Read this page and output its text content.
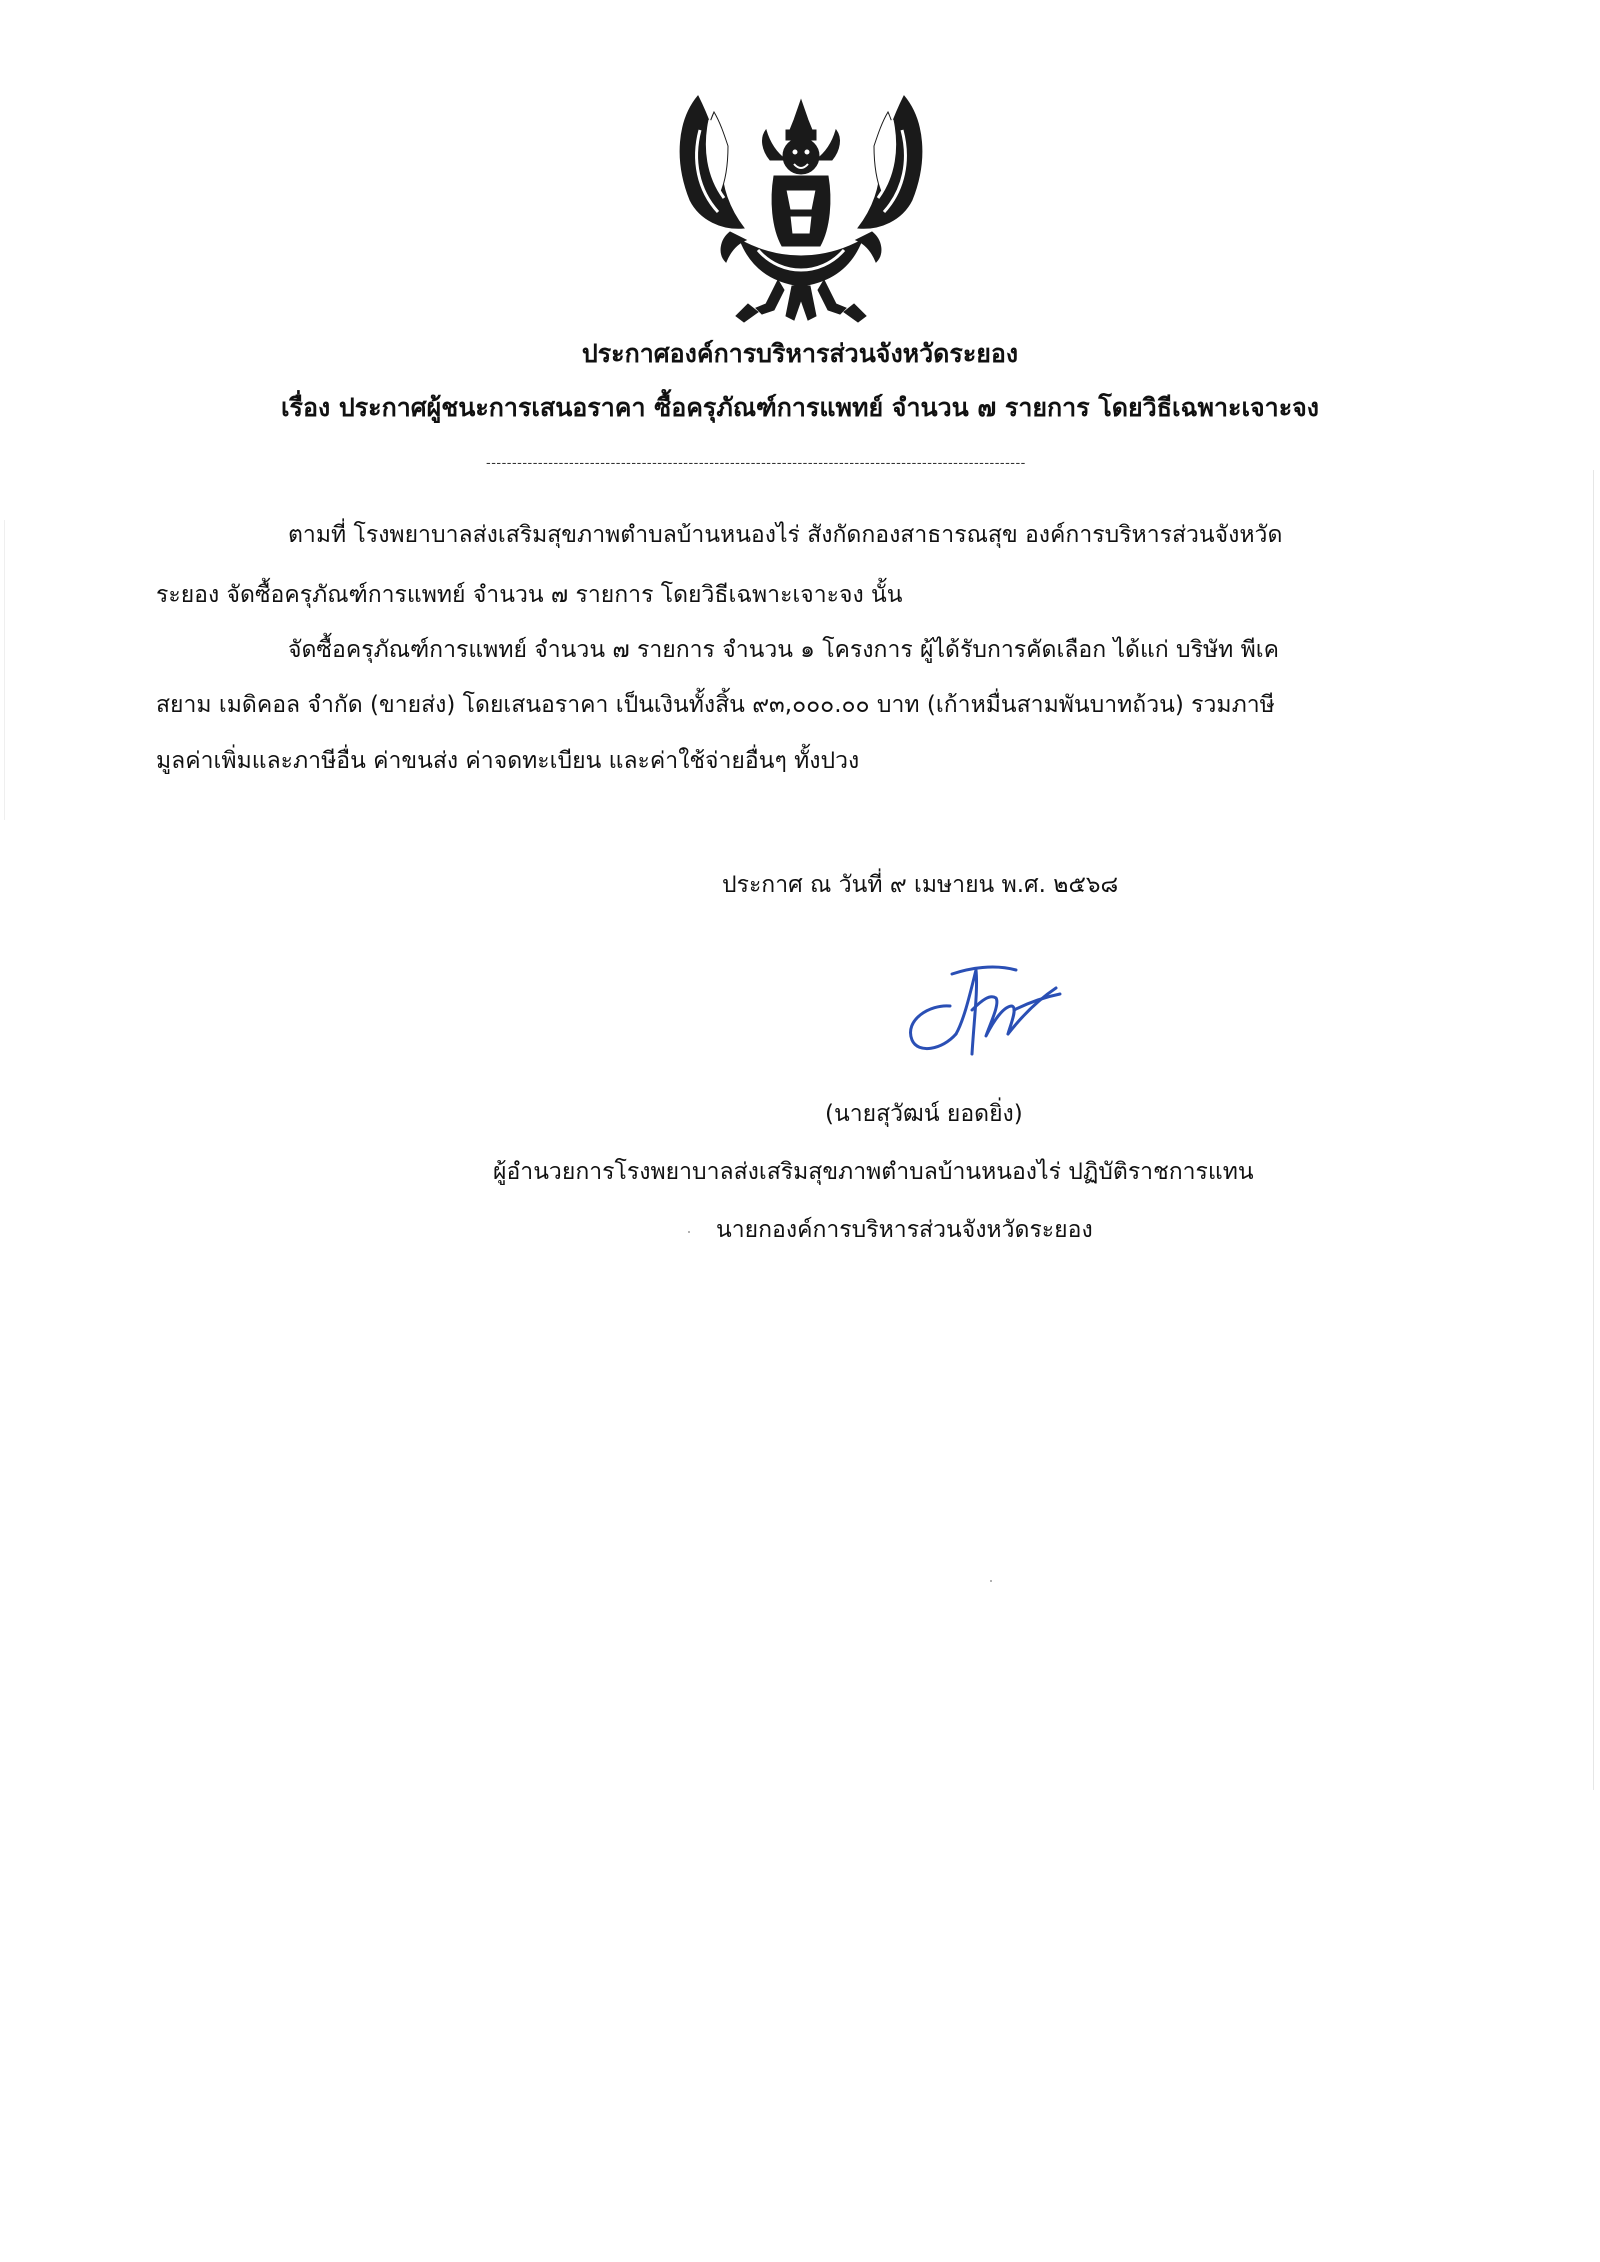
ประกาศองค์การบริหารส่วนจังหวัดระยอง
เรื่อง ประกาศผู้ชนะการเสนอราคา ซื้อครุภัณฑ์การแพทย์ จำนวน ๗ รายการ โดยวิธีเฉพาะเจาะจง
--------------------------------------------------------------------------------------------------------
ตามที่ โรงพยาบาลส่งเสริมสุขภาพตำบลบ้านหนองไร่ สังกัดกองสาธารณสุข องค์การบริหารส่วนจังหวัด
ระยอง จัดซื้อครุภัณฑ์การแพทย์ จำนวน ๗ รายการ โดยวิธีเฉพาะเจาะจง นั้น
จัดซื้อครุภัณฑ์การแพทย์ จำนวน ๗ รายการ จำนวน ๑ โครงการ ผู้ได้รับการคัดเลือก ได้แก่ บริษัท พีเค
สยาม เมดิคอล จำกัด (ขายส่ง) โดยเสนอราคา เป็นเงินทั้งสิ้น ๙๓,๐๐๐.๐๐ บาท (เก้าหมื่นสามพันบาทถ้วน) รวมภาษี
มูลค่าเพิ่มและภาษีอื่น ค่าขนส่ง ค่าจดทะเบียน และค่าใช้จ่ายอื่นๆ ทั้งปวง
ประกาศ ณ วันที่ ๙ เมษายน พ.ศ. ๒๕๖๘
(นายสุวัฒน์ ยอดยิ่ง)
ผู้อำนวยการโรงพยาบาลส่งเสริมสุขภาพตำบลบ้านหนองไร่ ปฏิบัติราชการแทน
นายกองค์การบริหารส่วนจังหวัดระยอง
